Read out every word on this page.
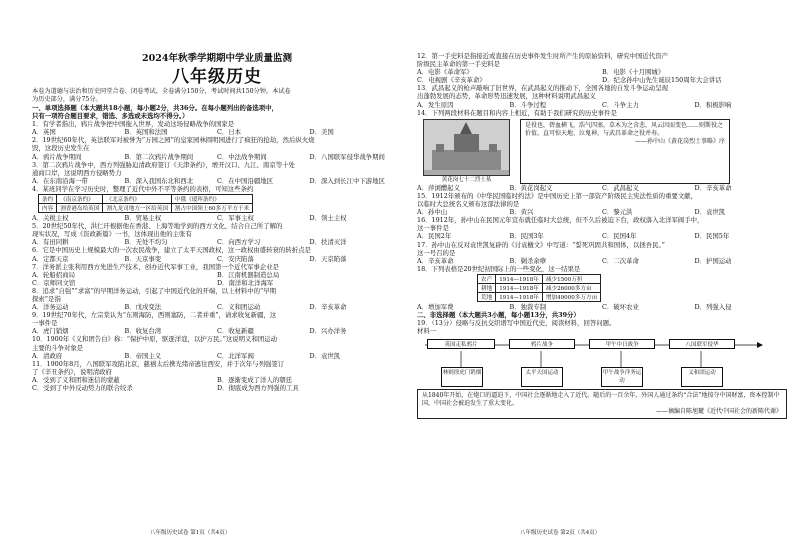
2024年秋季学期期中学业质量监测
八年级历史
本卷为道德与法治和历史同堂合卷、闭卷考试，全卷满分150分，考试时间共150分钟。本试卷
为历史部分，满分75分。
一、单项选择题（本大题共18小题，每小题2分，共36分。在每小题列出的备选项中，
只有一项符合题目要求，错选、多选或未选均不得分。）
1．有学者指出，鸦片战争把中国拖入世界，发动这场侵略战争的国家是
A．英国	B．英国和法国	C．日本	D．美国
2．19世纪60年代，英法联军对被誉为“万园之园”的皇家园林圆明园进行了疯狂的抢劫，然后纵火烧
毁，这段历史发生在
A．鸦片战争期间	B．第二次鸦片战争期间	C．中法战争期间	D．八国联军侵华战争期间
3．第二次鸦片战争中，西方列强胁迫清政府签订《天津条约》，增开汉口、九江、南京等十处
通商口岸，这说明西方侵略势力
A．在东南沿海一带	B．深入我国东北和西北	C．在中国沿疆地区	D．深入到长江中下游地区
4．某班同学在学习历史时，整理了近代中外不平等条约的表格，可知这些条约
条约	《南京条约》	《北京条约》	中俄《瑷珲条约》
内容	割香港岛给英国	割九龙司地方一区给英国	割占中国领土60多万平方千米
A．关税主权	B．贸易主权	C．军事主权	D．领土主权
5．20世纪50年代，洪仁玕根据他在香港、上海等地学到的西方文化，结合自己所了解的
现实状况，写成《资政新篇》一书，这体现出他的主张有
A．有田同耕	B．无处不均匀	C．向西方学习	D．扶清灭洋
6．它是中国历史上规模最大的一次农民战争，建立了太平天国政权，这一政权由盛转衰的转折点是
A．定都天京	B．天京事变	C．安庆陷落	D．天京陷落
7．洋务派主张利用西方先进生产技术，创办近代军事工业，我国第一个近代军事企业是
A．轮船招商局	B．江南机器制造总局
C．京师同文馆	D．南洋和北洋海军
8．追求“自强”“求富”的早期洋务运动，引起了中国近代化的开端，以上材料中的“早期
探索”是指
A．洋务运动	B．戊戌变法	C．义和团运动	D．辛亥革命
9．19世纪70年代，左宗棠认为“东则海防，西则塞防，二者并重”，请求收复新疆，这
一事件是
A．虎门销烟	B．收复台湾	C．收复新疆	D．兴办洋务
10．1900年《义和团告白》称：“保护中原，驱逐洋寇，以护万民。”这说明义和团运动
主要的斗争对象是
A．清政府	B．帝国主义	C．北洋军阀	D．袁世凯
11．1900年8月，八国联军攻陷北京，慈禧太后携光绪帝逃往西安，并于次年与列强签订
了《辛丑条约》，说明清政府
A．受到了义和团和迷信的蒙蔽	B．逐渐变成了洋人的朝廷
C．受到了中外反动势力的联合绞杀	D．彻底成为西方列强的工具
12．第一手史料是指接近或直接在历史事件发生时所产生的原始资料，研究中国近代资产
阶级民主革命的第一手史料是
A．电影《革命军》	B．电影《十月围城》
C．电视剧《辛亥革命》	D．纪念孙中山先生诞辰150周年大会讲话
13．武昌起义的枪声敲响了旧世界，在武昌起义的推动下，全国各地的自发斗争运动呈现
出蓬勃发展的态势，革命形势迅速发展，这种材料说明武昌起义
A．发生原因	B．斗争过程	C．斗争主力	D．积极影响
14．下列两段材料在题目和内容上相近，有助于我们研究的历史事件是
黄花岗七十二烈士墓
是役也，碧血横飞，浩气四塞，草木为之含悲，风云因而变色……则斯役之价值，直可惊天地、泣鬼神，与武昌革命之役并寿。
——孙中山《黄花岗烈士事略》序
A．萍浏醴起义	B．黄花岗起义	C．武昌起义	D．辛亥革命
15．1912年颁布的《中华民国临时约法》是中国历史上第一部资产阶级民主宪法性质的重要文献，
以临时大总统名义颁布这部法律的是
A．孙中山	B．黄兴	C．黎元洪	D．袁世凯
16．1912年，孙中山在民国元年宣布就任临时大总统，但不久后被迫下台，政权落入北洋军阀手中，
这一事件是
A．民国2年	B．民国3年	C．民国4年	D．民国5年
17．孙中山在反对袁世凯复辟的《讨袁檄文》中写道：“誓死巩固共和国体，以拯吾民。”
这一号召的是
A．辛亥革命	B．剿杀余孽	C．二次革命	D．护国运动
18．下列表格是20世纪初国际上的一些变化，这一结果是
农产	1914—1918年	减少1500万担
耕地	1914—1918年	减少26000多方亩
荒地	1914—1918年	增加49000多万方亩
A．增加军费	B．独裁专制	C．破坏农业	D．列强入侵
二、非选择题（本大题共3小题，每小题13分，共39分）
19．（13分）侵略与反抗交织谱写中国近代史，阅读材料，回答问题。
材料一
英国走私鸦片	鸦片战争	甲午中日战争	八国联军侵华
林则徐虎门销烟	太平天国运动	甲午战争洋务运动
义和团运动
从1840年开始，在炮口的逼迫下，中国社会逐渐地走入了近代。随后的一百余年，外国人通过条约“合法”地掠夺中国财富，资本控制中国，中国社会被迫发生了重大变化。
——摘编自陈旭麓《近代中国社会的新陈代谢》
八年级历史试卷 第1页（共4页）	八年级历史试卷 第2页（共4页）
